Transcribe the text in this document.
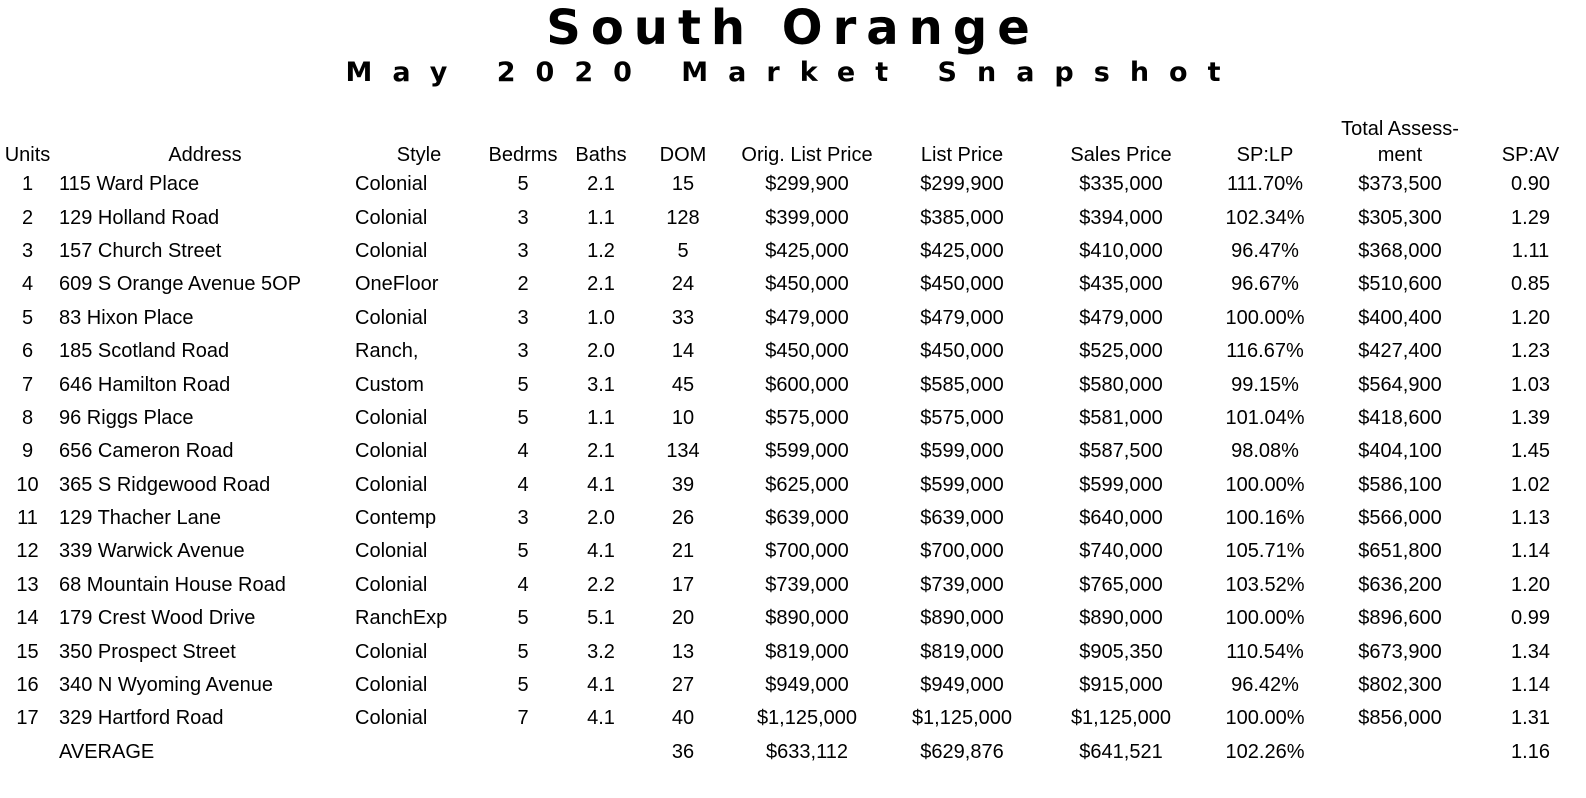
South Orange
May 2020 Market Snapshot
Units	Address	Style	Bedrms	Baths	DOM	Orig. List Price	List Price	Sales Price	SP:LP	Total Assess-
ment	SP:AV
1	115 Ward Place	Colonial	5	2.1	15	$299,900	$299,900	$335,000	111.70%	$373,500	0.90
2	129 Holland Road	Colonial	3	1.1	128	$399,000	$385,000	$394,000	102.34%	$305,300	1.29
3	157 Church Street	Colonial	3	1.2	5	$425,000	$425,000	$410,000	96.47%	$368,000	1.11
4	609 S Orange Avenue 5OP	OneFloor	2	2.1	24	$450,000	$450,000	$435,000	96.67%	$510,600	0.85
5	83 Hixon Place	Colonial	3	1.0	33	$479,000	$479,000	$479,000	100.00%	$400,400	1.20
6	185 Scotland Road	Ranch,	3	2.0	14	$450,000	$450,000	$525,000	116.67%	$427,400	1.23
7	646 Hamilton Road	Custom	5	3.1	45	$600,000	$585,000	$580,000	99.15%	$564,900	1.03
8	96 Riggs Place	Colonial	5	1.1	10	$575,000	$575,000	$581,000	101.04%	$418,600	1.39
9	656 Cameron Road	Colonial	4	2.1	134	$599,000	$599,000	$587,500	98.08%	$404,100	1.45
10	365 S Ridgewood Road	Colonial	4	4.1	39	$625,000	$599,000	$599,000	100.00%	$586,100	1.02
11	129 Thacher Lane	Contemp	3	2.0	26	$639,000	$639,000	$640,000	100.16%	$566,000	1.13
12	339 Warwick Avenue	Colonial	5	4.1	21	$700,000	$700,000	$740,000	105.71%	$651,800	1.14
13	68 Mountain House Road	Colonial	4	2.2	17	$739,000	$739,000	$765,000	103.52%	$636,200	1.20
14	179 Crest Wood Drive	RanchExp	5	5.1	20	$890,000	$890,000	$890,000	100.00%	$896,600	0.99
15	350 Prospect Street	Colonial	5	3.2	13	$819,000	$819,000	$905,350	110.54%	$673,900	1.34
16	340 N Wyoming Avenue	Colonial	5	4.1	27	$949,000	$949,000	$915,000	96.42%	$802,300	1.14
17	329 Hartford Road	Colonial	7	4.1	40	$1,125,000	$1,125,000	$1,125,000	100.00%	$856,000	1.31
	AVERAGE				36	$633,112	$629,876	$641,521	102.26%		1.16
